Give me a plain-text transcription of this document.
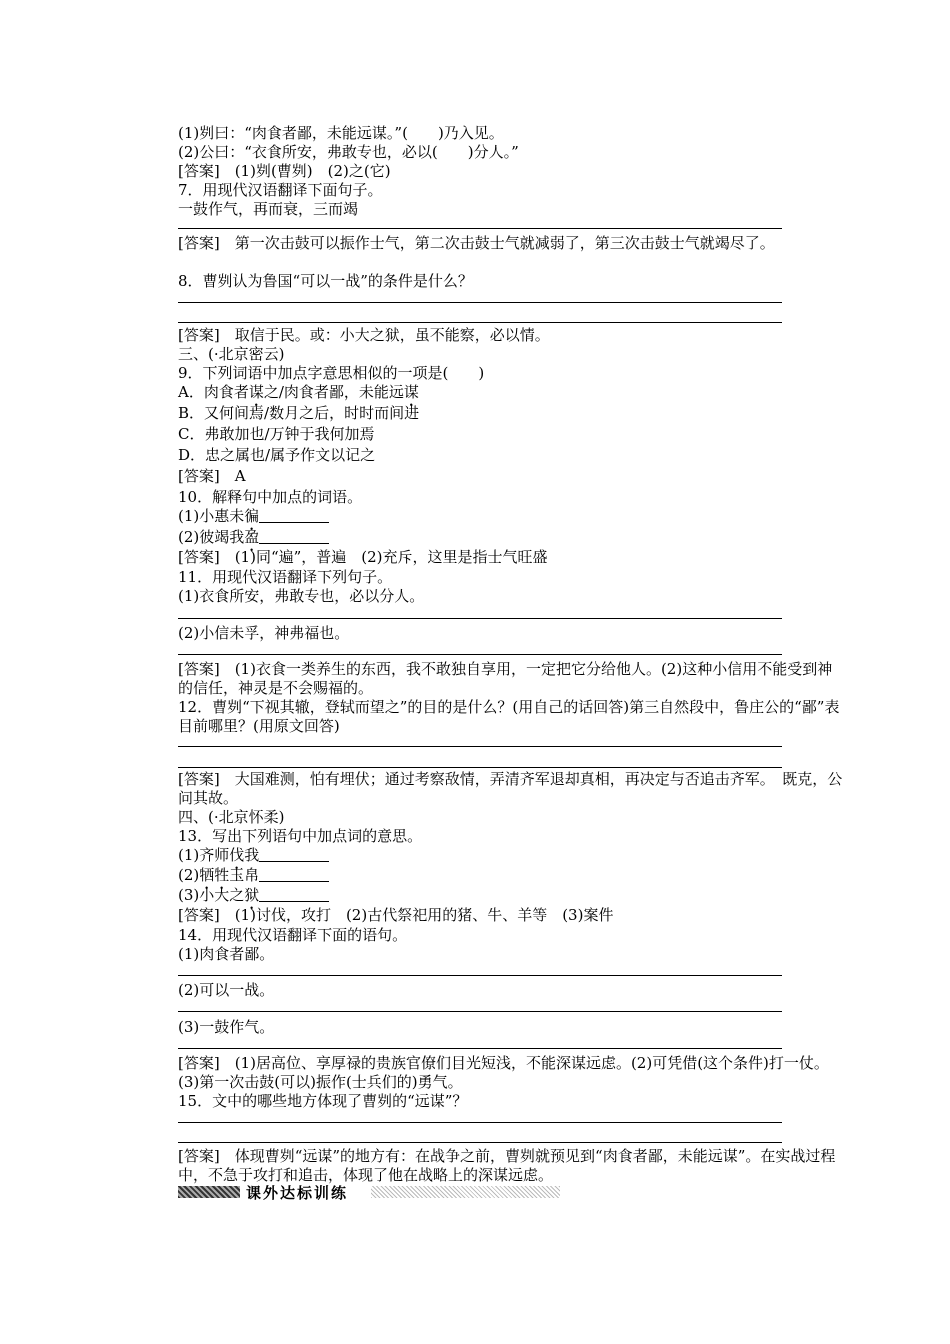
(1)刿曰：“肉食者鄙，未能远谋。”(　　)乃入见。
(2)公曰：“衣食所安，弗敢专也，必以(　　)分人。”
[答案]　(1)刿(曹刿)　(2)之(它)
7．用现代汉语翻译下面句子。
一鼓作气，再而衰，三而竭
[答案]　第一次击鼓可以振作士气，第二次击鼓士气就减弱了，第三次击鼓士气就竭尽了。
8．曹刿认为鲁国“可以一战”的条件是什么？
[答案]　取信于民。或：小大之狱，虽不能察，必以情。
三、(·北京密云)
9．下列词语中加点字意思相似的一项是(　　)
A．肉食者谋之/肉食者鄙，未能远谋
B．又何间焉/数月之后，时时而间进
C．弗敢加也/万钟于我何加焉
D．忠之属也/属予作文以记之
[答案]　A
10．解释句中加点的词语。
(1)小惠未徧
(2)彼竭我盈
[答案]　(1)同“遍”，普遍　(2)充斥，这里是指士气旺盛
11．用现代汉语翻译下列句子。
(1)衣食所安，弗敢专也，必以分人。
(2)小信未孚，神弗福也。
[答案]　(1)衣食一类养生的东西，我不敢独自享用，一定把它分给他人。(2)这种小信用不能受到神的信任，神灵是不会赐福的。
12．曹刿“下视其辙，登轼而望之”的目的是什么？(用自己的话回答)第三自然段中，鲁庄公的“鄙”表目前哪里？(用原文回答)
[答案]　大国难测，怕有埋伏；通过考察敌情，弄清齐军退却真相，再决定与否追击齐军。　既克，公问其故。
四、(·北京怀柔)
13．写出下列语句中加点词的意思。
(1)齐师伐我
(2)牺牲玉帛
(3)小大之狱
[答案]　(1)讨伐，攻打　(2)古代祭祀用的猪、牛、羊等　(3)案件
14．用现代汉语翻译下面的语句。
(1)肉食者鄙。
(2)可以一战。
(3)一鼓作气。
[答案]　(1)居高位、享厚禄的贵族官僚们目光短浅，不能深谋远虑。(2)可凭借(这个条件)打一仗。(3)第一次击鼓(可以)振作(士兵们的)勇气。
15．文中的哪些地方体现了曹刿的“远谋”？
[答案]　体现曹刿“远谋”的地方有：在战争之前，曹刿就预见到“肉食者鄙，未能远谋”。在实战过程中，不急于攻打和追击，体现了他在战略上的深谋远虑。
课外达标训练
